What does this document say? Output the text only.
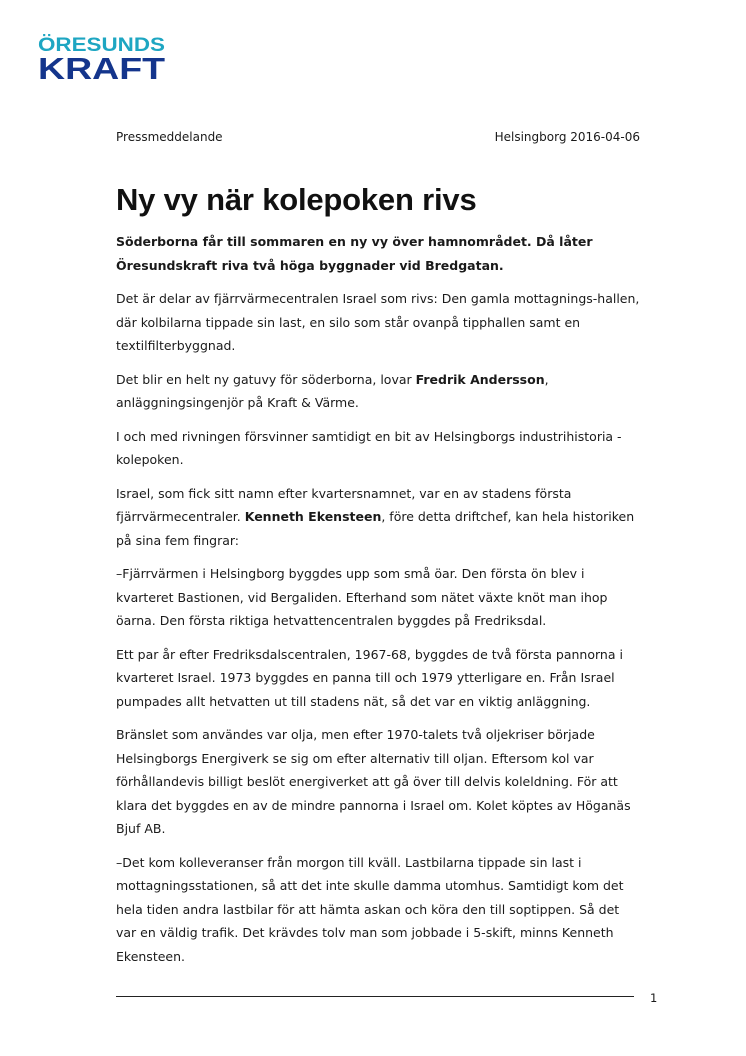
ÖRESUNDS
KRAFT
Pressmeddelande	Helsingborg 2016-04-06
Ny vy när kolepoken rivs

Söderborna får till sommaren en ny vy över hamnområdet. Då låter Öresundskraft riva två höga byggnader vid Bredgatan.

Det är delar av fjärrvärmecentralen Israel som rivs: Den gamla mottagnings-hallen, där kolbilarna tippade sin last, en silo som står ovanpå tipphallen samt en textilfilterbyggnad.

Det blir en helt ny gatuvy för söderborna, lovar Fredrik Andersson, anläggningsingenjör på Kraft & Värme.

I och med rivningen försvinner samtidigt en bit av Helsingborgs industrihistoria - kolepoken.

Israel, som fick sitt namn efter kvartersnamnet, var en av stadens första fjärrvärmecentraler. Kenneth Ekensteen, före detta driftchef, kan hela historiken på sina fem fingrar:

–Fjärrvärmen i Helsingborg byggdes upp som små öar. Den första ön blev i kvarteret Bastionen, vid Bergaliden. Efterhand som nätet växte knöt man ihop öarna. Den första riktiga hetvattencentralen byggdes på Fredriksdal.

Ett par år efter Fredriksdalscentralen, 1967-68, byggdes de två första pannorna i kvarteret Israel. 1973 byggdes en panna till och 1979 ytterligare en. Från Israel pumpades allt hetvatten ut till stadens nät, så det var en viktig anläggning.

Bränslet som användes var olja, men efter 1970-talets två oljekriser började Helsingborgs Energiverk se sig om efter alternativ till oljan. Eftersom kol var förhållandevis billigt beslöt energiverket att gå över till delvis koleldning. För att klara det byggdes en av de mindre pannorna i Israel om. Kolet köptes av Höganäs Bjuf AB.

–Det kom kolleveranser från morgon till kväll. Lastbilarna tippade sin last i mottagningsstationen, så att det inte skulle damma utomhus. Samtidigt kom det hela tiden andra lastbilar för att hämta askan och köra den till soptippen. Så det var en väldig trafik. Det krävdes tolv man som jobbade i 5-skift, minns Kenneth Ekensteen.

1
